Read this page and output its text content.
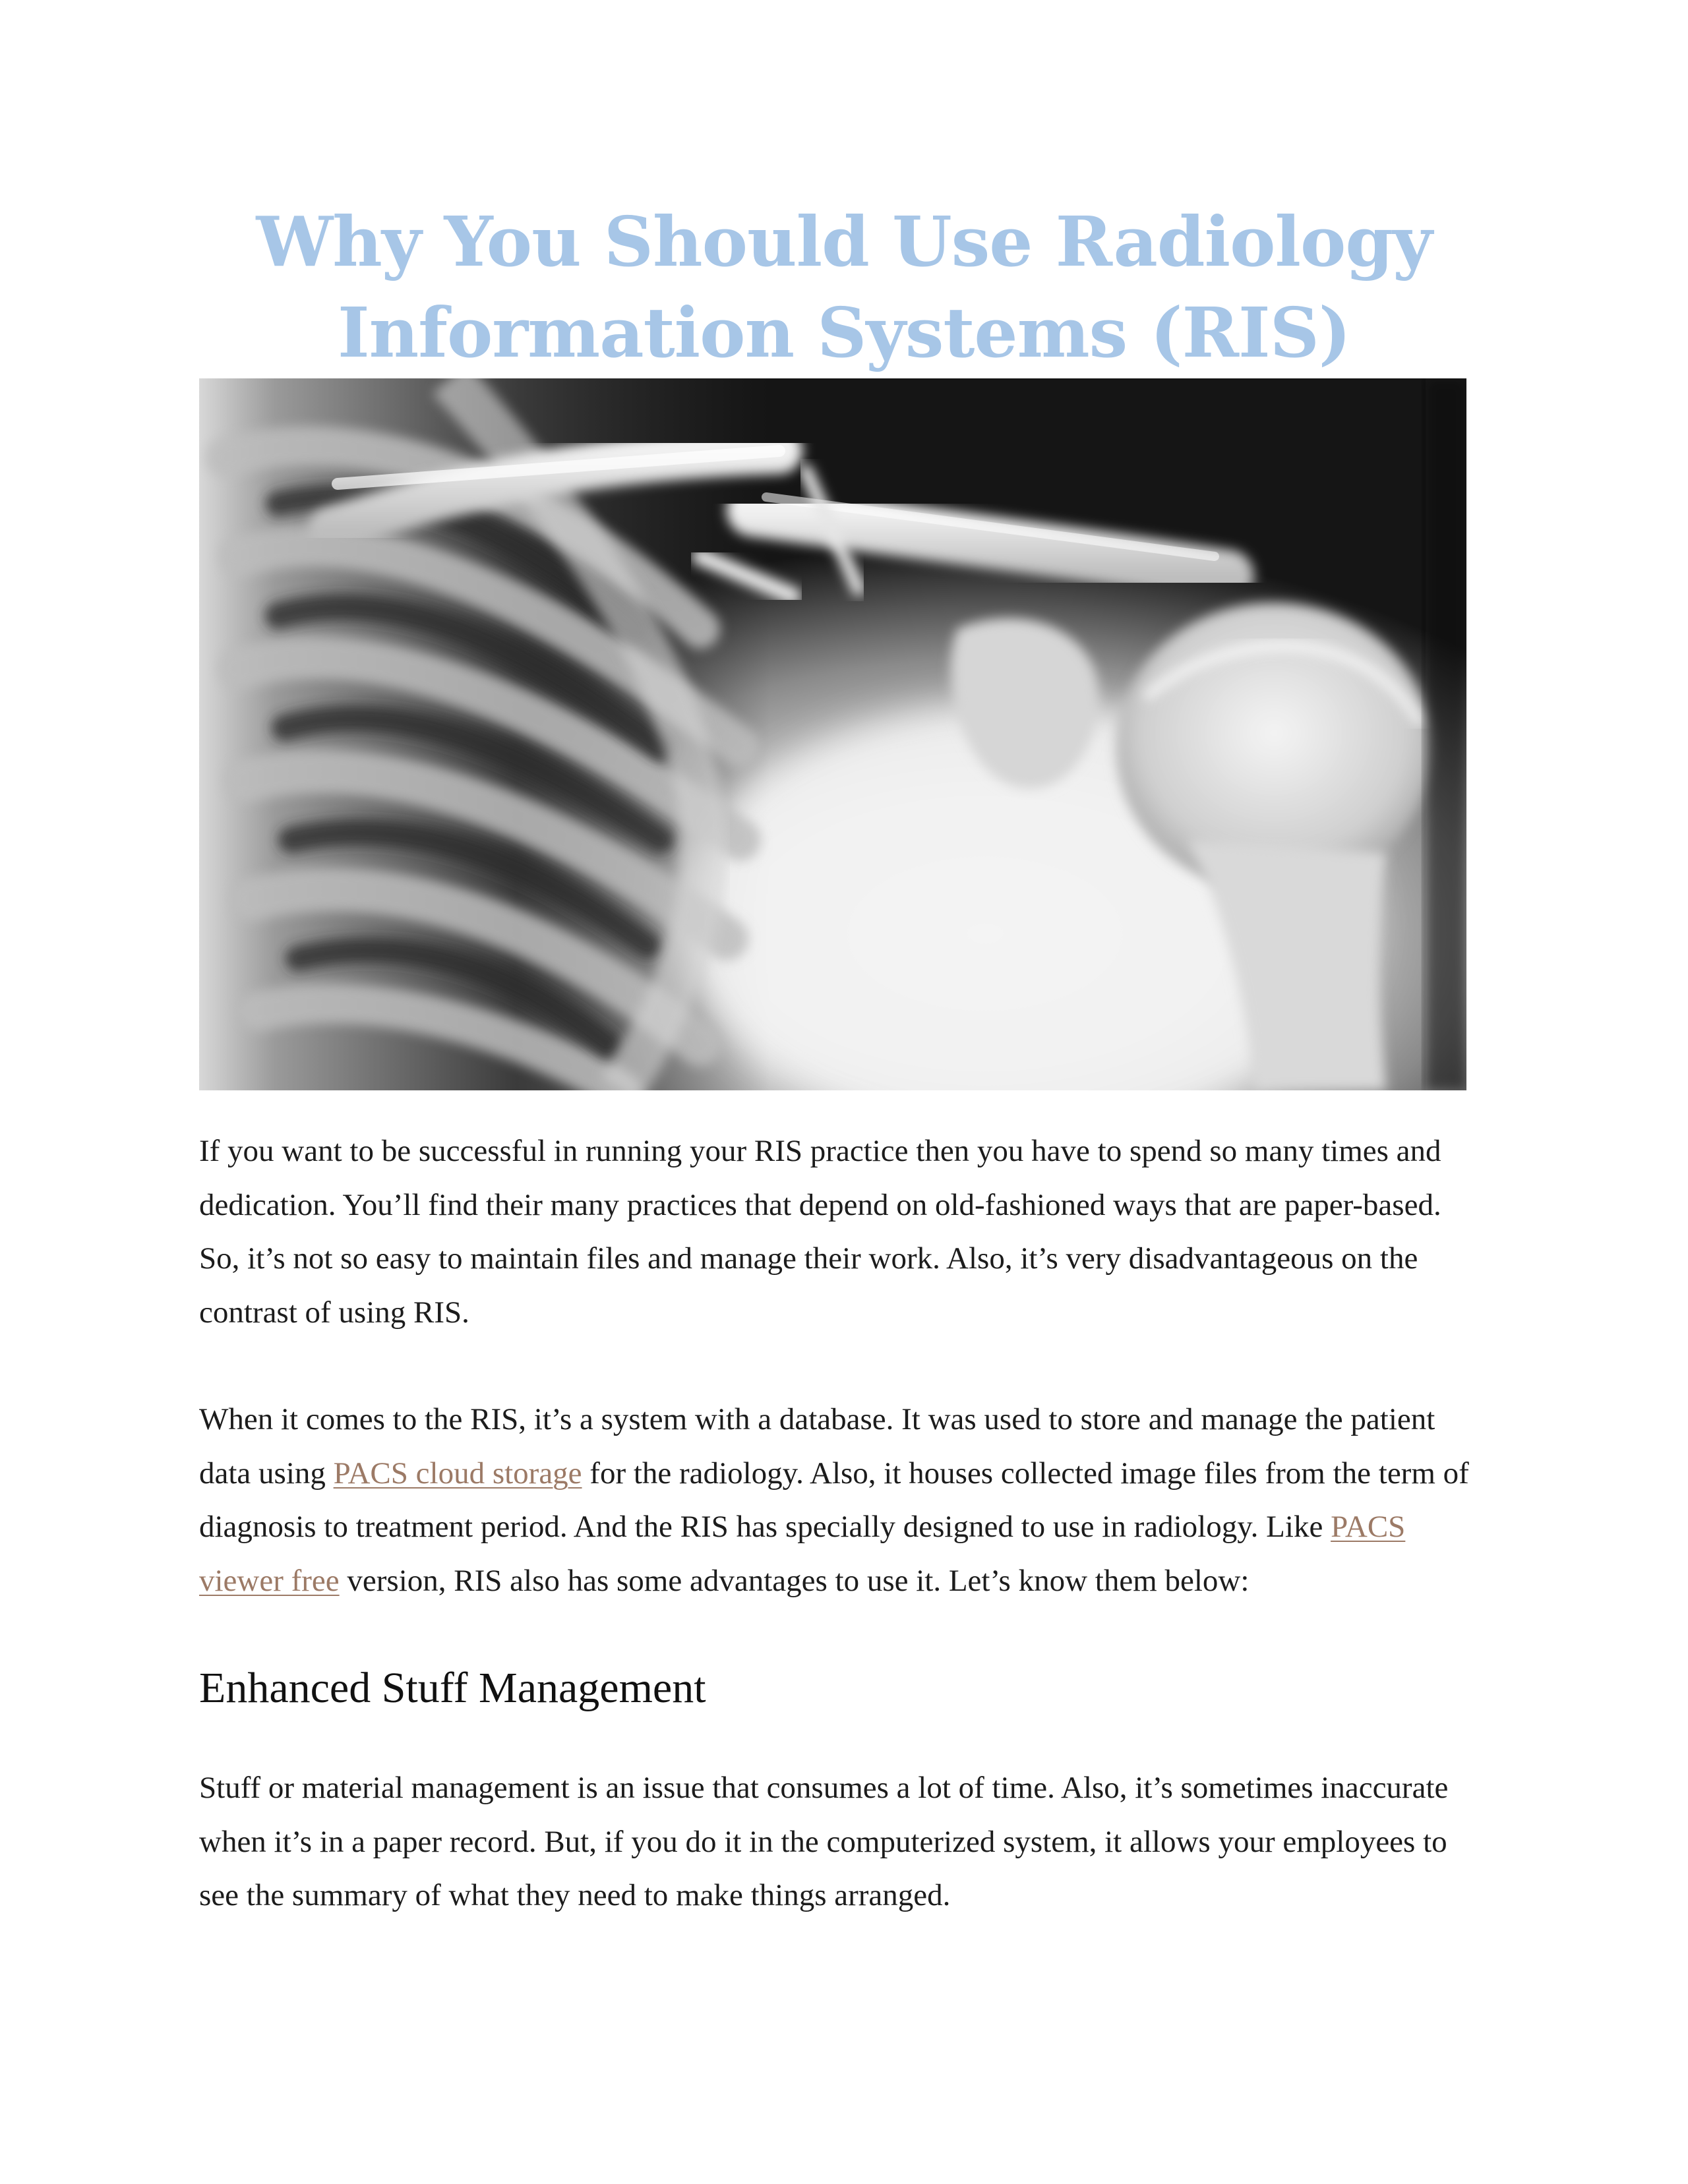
Why You Should Use Radiology
Information Systems (RIS)

If you want to be successful in running your RIS practice then you have to spend so many times and dedication. You’ll find their many practices that depend on old-fashioned ways that are paper-based. So, it’s not so easy to maintain files and manage their work. Also, it’s very disadvantageous on the contrast of using RIS.

When it comes to the RIS, it’s a system with a database. It was used to store and manage the patient data using PACS cloud storage for the radiology. Also, it houses collected image files from the term of diagnosis to treatment period. And the RIS has specially designed to use in radiology. Like PACS viewer free version, RIS also has some advantages to use it. Let’s know them below:

Enhanced Stuff Management

Stuff or material management is an issue that consumes a lot of time. Also, it’s sometimes inaccurate when it’s in a paper record. But, if you do it in the computerized system, it allows your employees to see the summary of what they need to make things arranged.
